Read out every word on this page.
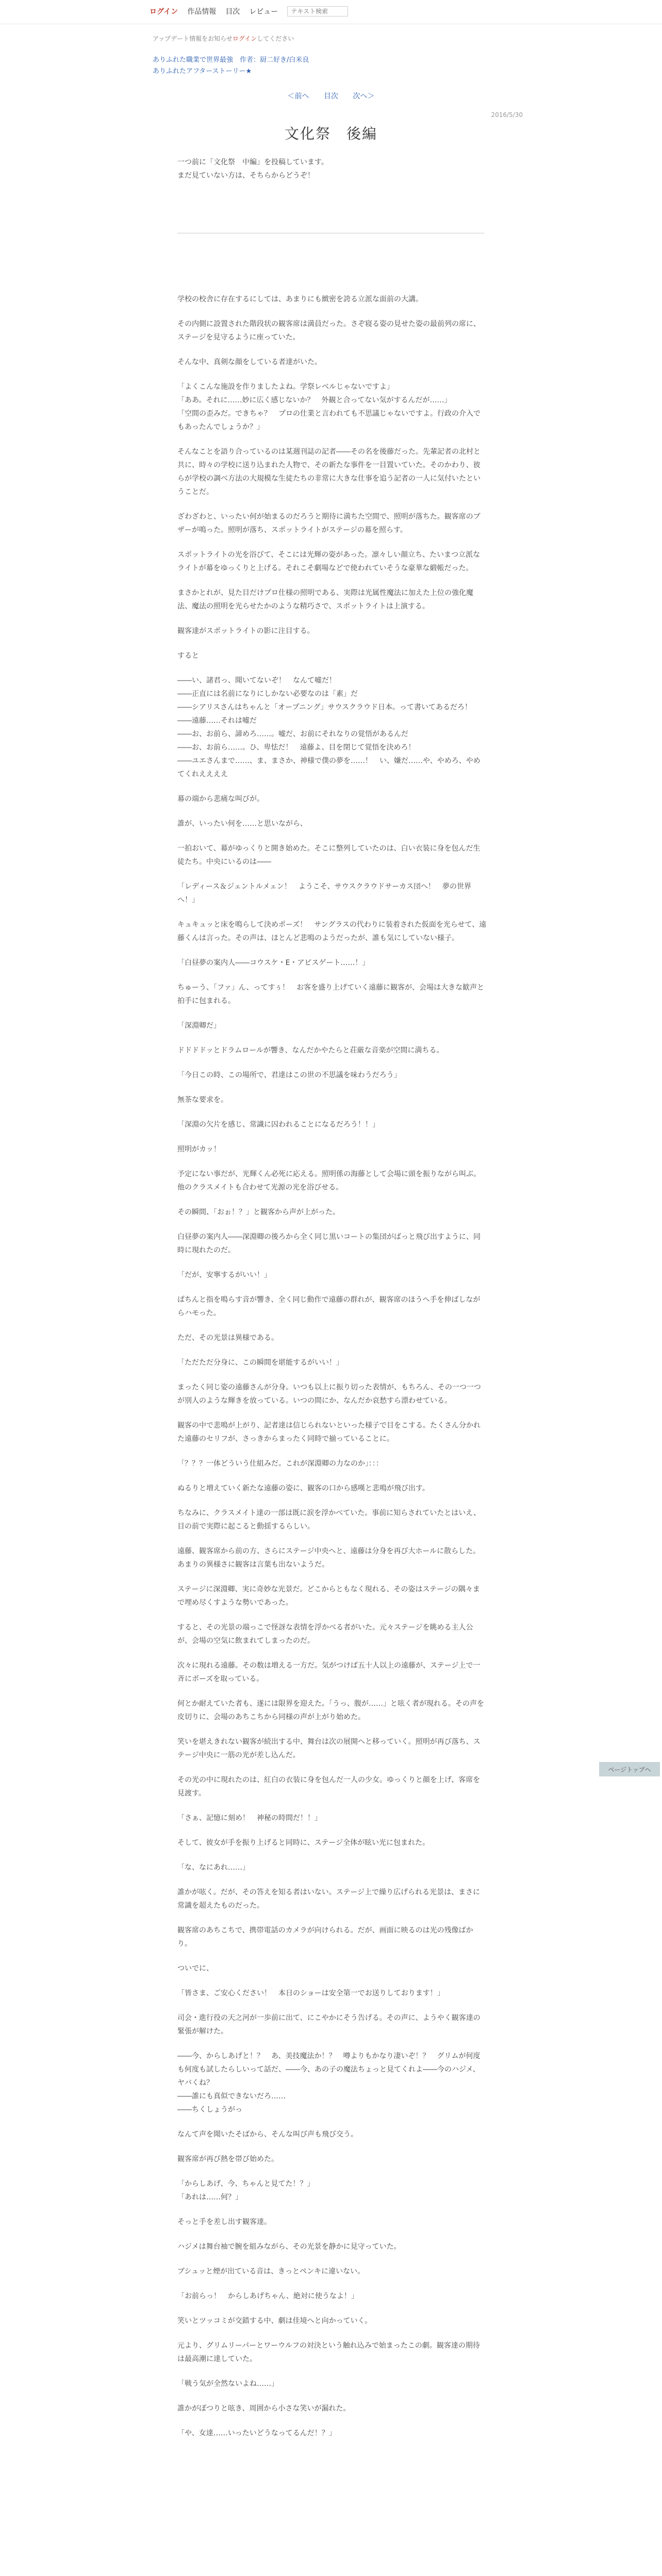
ログイン 作品情報 目次 レビュー
テキスト検索
アップデート情報をお知らせログインしてください
ありふれた職業で世界最強　作者：厨二好き/白米良
ありふれたアフターストーリー★
＜前へ 目次 次へ＞
2016/5/30
文化祭　後編
一つ前に「文化祭　中編」を投稿しています。
まだ見ていない方は、そちらからどうぞ！

学校の校舎に存在するにしては、あまりにも緻密を誇る立派な面前の大講。

その内側に設置された階段状の観客席は満員だった。さぞ寝る姿の見せた姿の最前列の席に、ステージを見守るように座っていた。

そんな中、真剣な顔をしている者達がいた。

「よくこんな施設を作りましたよね。学祭レベルじゃないですよ」
「ああ。それに……妙に広く感じないか？　外観と合ってない気がするんだが……」
「空間の歪みだ。できちゃ？　プロの仕業と言われても不思議じゃないですよ。行政の介入でもあったんでしょうか？」

そんなことを語り合っているのは某週刊誌の記者――その名を後藤だった。先輩記者の北村と共に、時々の学校に送り込まれた人物で、その新たな事件を一目置いていた。そのかわり、彼らが学校の調べ方法の大規模な生徒たちの非常に大きな仕事を追う記者の一人に気付いたということだ。

ざわざわと、いったい何が始まるのだろうと期待に満ちた空間で、照明が落ちた。観客席のブザーが鳴った。照明が落ち、スポットライトがステージの幕を照らす。

スポットライトの光を浴びて、そこには光輝の姿があった。凛々しい顔立ち、たいまつ立派なライトが幕をゆっくりと上げる。それこそ劇場などで使われていそうな豪華な緞帳だった。

まさかとれが、見た目だけプロ仕様の照明である、実際は光属性魔法に加えた上位の強化魔法、魔法の照明を光らせたかのような精巧さで、スポットライトは上演する。

観客達がスポットライトの影に注目する。

すると

――い、諸君っ、聞いてないぞ！　なんて嘘だ！
――正直には名前になりにしかない必要なのは「素」だ
――シアリスさんはちゃんと「オープニング」サウスクラウド日本。って書いてあるだろ！
――遠藤……それは嘘だ
――お、お前ら、諦めろ……。嘘だ、お前にそれなりの覚悟があるんだ
――お、お前ら……。ひ、卑怯だ！　遠藤よ、目を閉じて覚悟を決めろ！
――ユエさんまで……、ま、まさか、神様で僕の夢を……！　い、嫌だ……や、やめろ、やめてくれええええ

幕の端から悲痛な叫びが。

誰が、いったい何を……と思いながら、

一拍おいて、幕がゆっくりと開き始めた。そこに整列していたのは、白い衣装に身を包んだ生徒たち。中央にいるのは――

「レディース＆ジェントルメェン！　ようこそ、サウスクラウドサーカス団へ！　夢の世界へ！」

キュキュッと床を鳴らして決めポーズ！　サングラスの代わりに装着された仮面を光らせて、遠藤くんは言った。その声は、ほとんど悲鳴のようだったが、誰も気にしていない様子。

「白昼夢の案内人――コウスケ・E・アビスゲート……！」

ちゅーう、「ファ」ん、ってすぅ！　お客を盛り上げていく遠藤に観客が、会場は大きな歓声と拍手に包まれる。

「深淵卿だ」

ドドドドッとドラムロールが響き、なんだかやたらと荘厳な音楽が空間に満ちる。

「今日この時、この場所で、君達はこの世の不思議を味わうだろう」

無茶な要求を。

「深淵の欠片を感じ、常識に囚われることになるだろう！！」

照明がカッ！

予定にない事だが、光輝くん必死に応える。照明係の海藤として会場に頭を振りながら叫ぶ。他のクラスメイトも合わせて光源の光を浴びせる。

その瞬間、「おぉ！？」と観客から声が上がった。

白昼夢の案内人――深淵卿の後ろから全く同じ黒いコートの集団がばっと飛び出すように、同時に現れたのだ。

「だが、安寧するがいい！」

ぱちんと指を鳴らす音が響き、全く同じ動作で遠藤の群れが、観客席のほうへ手を伸ばしながらハモった。

ただ、その光景は異様である。

「ただただ分身に、この瞬間を堪能するがいい！」

まったく同じ姿の遠藤さんが分身。いつも以上に振り切った表情が、もちろん、その一つ一つが別人のような輝きを放っている。いつの間にか、なんだか哀愁すら漂わせている。

観客の中で悲鳴が上がり、記者達は信じられないといった様子で目をこする。たくさん分かれた遠藤のセリフが、さっきからまったく同時で揃っていることに。

「？？？一体どういう仕組みだ。これが深淵卿の力なのか」：：：

ぬるりと増えていく新たな遠藤の姿に、観客の口から感嘆と悲鳴が飛び出す。

ちなみに、クラスメイト達の一部は既に涙を浮かべていた。事前に知らされていたとはいえ、目の前で実際に起こると動揺するらしい。

遠藤、観客席から前の方、さらにステージ中央へと、遠藤は分身を再び大ホールに散らした。あまりの異様さに観客は言葉も出ないようだ。

ステージに深淵卿、実に奇妙な光景だ。どこからともなく現れる、その姿はステージの隅々まで埋め尽くすような勢いであった。

すると、その光景の端っこで怪訝な表情を浮かべる者がいた。元々ステージを眺める主人公が、会場の空気に飲まれてしまったのだ。

次々に現れる遠藤。その数は増える一方だ。気がつけば五十人以上の遠藤が、ステージ上で一斉にポーズを取っている。

何とか耐えていた者も、遂には限界を迎えた。「うっ、腹が……」と呟く者が現れる。その声を皮切りに、会場のあちこちから同様の声が上がり始めた。

笑いを堪えきれない観客が続出する中、舞台は次の展開へと移っていく。照明が再び落ち、ステージ中央に一筋の光が差し込んだ。

その光の中に現れたのは、紅白の衣装に身を包んだ一人の少女。ゆっくりと顔を上げ、客席を見渡す。

「さぁ、記憶に刻め！　神秘の時間だ！！」

そして、彼女が手を振り上げると同時に、ステージ全体が眩い光に包まれた。

「な、なにあれ……」

誰かが呟く。だが、その答えを知る者はいない。ステージ上で繰り広げられる光景は、まさに常識を超えたものだった。

観客席のあちこちで、携帯電話のカメラが向けられる。だが、画面に映るのは光の残像ばかり。

ついでに、

「皆さま、ご安心ください！　本日のショーは安全第一でお送りしております！」

司会・進行役の天之河が一歩前に出て、にこやかにそう告げる。その声に、ようやく観客達の緊張が解けた。

――今、からしあげと！？　あ、美技魔法か！？　噂よりもかなり凄いぞ！？　グリムが何度も何度も試したらしいって話だ、――今、あの子の魔法ちょっと見てくれよ――今のハジメ、ヤバくね？
――誰にも真似できないだろ……
――ちくしょうがっ

なんて声を聞いたそばから、そんな叫び声も飛び交う。

観客席が再び熱を帯び始めた。

「からしあげ、今、ちゃんと見てた！？」
「あれは……何？」

そっと手を差し出す観客達。

ハジメは舞台袖で腕を組みながら、その光景を静かに見守っていた。

ブシュッと煙が出ている音は、きっとペンキに違いない。

「お前らっ！　からしあげちゃん、絶対に使うなよ！」

笑いとツッコミが交錯する中、劇は佳境へと向かっていく。

元より、グリムリーパーとワーウルフの対決という触れ込みで始まったこの劇。観客達の期待は最高潮に達していた。

「戦う気が全然ないよね……」

誰かがぽつりと呟き、周囲から小さな笑いが漏れた。

「や、女達……いったいどうなってるんだ！？」

ページトップへ
